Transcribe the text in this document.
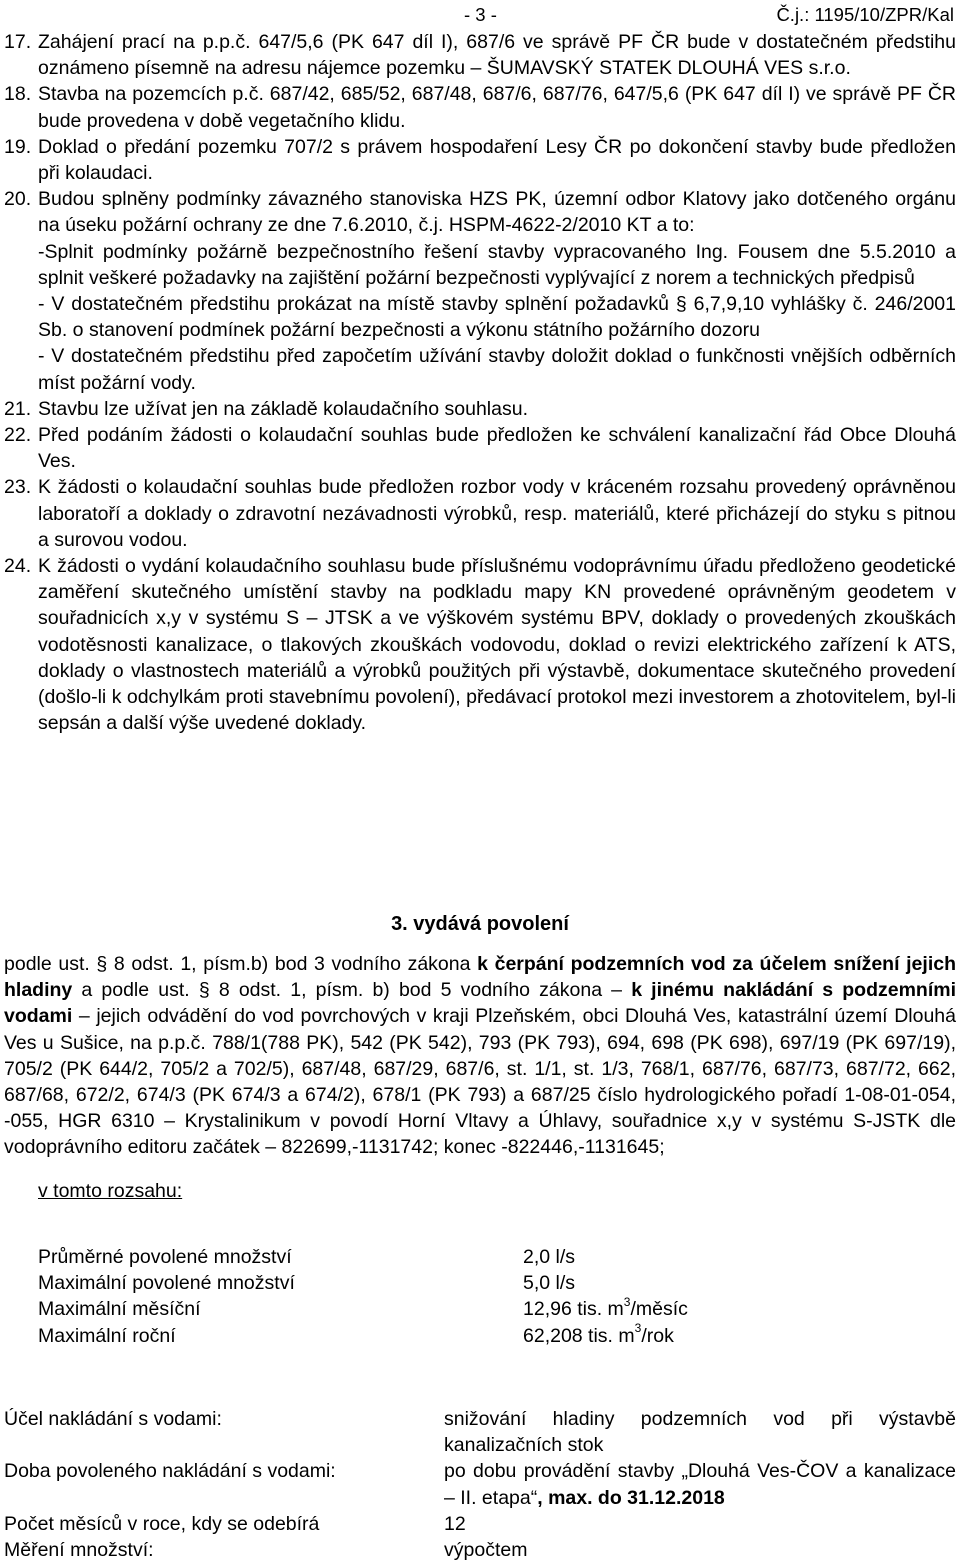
- 3 -	Č.j.: 1195/10/ZPR/Kal
17. Zahájení prací na p.p.č. 647/5,6 (PK 647 díl I), 687/6 ve správě PF ČR bude v dostatečném předstihu oznámeno písemně na adresu nájemce pozemku – ŠUMAVSKÝ STATEK DLOUHÁ VES s.r.o.

18. Stavba na pozemcích p.č. 687/42, 685/52, 687/48, 687/6, 687/76, 647/5,6 (PK 647 díl I) ve správě PF ČR bude provedena v době vegetačního klidu.

19. Doklad o předání pozemku 707/2 s právem hospodaření Lesy ČR po dokončení stavby bude předložen při kolaudaci.

20. Budou splněny podmínky závazného stanoviska HZS PK, územní odbor Klatovy jako dotčeného orgánu na úseku požární ochrany ze dne 7.6.2010, č.j. HSPM-4622-2/2010 KT a to:

-Splnit podmínky požárně bezpečnostního řešení stavby vypracovaného Ing. Fousem dne 5.5.2010 a splnit veškeré požadavky na zajištění požární bezpečnosti vyplývající z norem a technických předpisů

- V dostatečném předstihu prokázat na místě stavby splnění požadavků § 6,7,9,10 vyhlášky č. 246/2001 Sb. o stanovení podmínek požární bezpečnosti a výkonu státního požárního dozoru

- V dostatečném předstihu před započetím užívání stavby doložit doklad o funkčnosti vnějších odběrních míst požární vody.

21. Stavbu lze užívat jen na základě kolaudačního souhlasu.

22. Před podáním žádosti o kolaudační souhlas bude předložen ke schválení kanalizační řád Obce Dlouhá Ves.

23. K žádosti o kolaudační souhlas bude předložen rozbor vody v kráceném rozsahu provedený oprávněnou laboratoří a doklady o zdravotní nezávadnosti výrobků, resp. materiálů, které přicházejí do styku s pitnou a surovou vodou.

24. K žádosti o vydání kolaudačního souhlasu bude příslušnému vodoprávnímu úřadu předloženo geodetické zaměření skutečného umístění stavby na podkladu mapy KN provedené oprávněným geodetem v souřadnicích x,y v systému S – JTSK a ve výškovém systému BPV, doklady o provedených zkouškách vodotěsnosti kanalizace, o tlakových zkouškách vodovodu, doklad o revizi elektrického zařízení k ATS, doklady o vlastnostech materiálů a výrobků použitých při výstavbě, dokumentace skutečného provedení (došlo-li k odchylkám proti stavebnímu povolení), předávací protokol mezi investorem a zhotovitelem, byl-li sepsán a další výše uvedené doklady.

3. vydává povolení
podle ust. § 8 odst. 1, písm.b) bod 3 vodního zákona k čerpání podzemních vod za účelem snížení jejich hladiny a podle ust. § 8 odst. 1, písm. b) bod 5 vodního zákona – k jinému nakládání s podzemními vodami – jejich odvádění do vod povrchových v kraji Plzeňském, obci Dlouhá Ves, katastrální území Dlouhá Ves u Sušice, na p.p.č. 788/1(788 PK), 542 (PK 542), 793 (PK 793), 694, 698 (PK 698), 697/19 (PK 697/19), 705/2 (PK 644/2, 705/2 a 702/5), 687/48, 687/29, 687/6, st. 1/1, st. 1/3, 768/1, 687/76, 687/73, 687/72, 662, 687/68, 672/2, 674/3 (PK 674/3 a 674/2), 678/1 (PK 793) a 687/25 číslo hydrologického pořadí 1-08-01-054, -055, HGR 6310 – Krystalinikum v povodí Horní Vltavy a Úhlavy, souřadnice x,y v systému S-JSTK dle vodoprávního editoru začátek – 822699,-1131742; konec -822446,-1131645;
v tomto rozsahu:
Průměrné povolené množství	2,0 l/s
Maximální povolené množství	5,0 l/s
Maximální měsíční	12,96 tis. $m^3$/měsíc
Maximální roční	62,208 tis. $m^3$/rok
Účel nakládání s vodami:	snižování hladiny podzemních vod při výstavbě kanalizačních stok
Doba povoleného nakládání s vodami:	po dobu provádění stavby „Dlouhá Ves-ČOV a kanalizace – II. etapa“, max. do 31.12.2018
Počet měsíců v roce, kdy se odebírá	12
Měření množství:	výpočtem
